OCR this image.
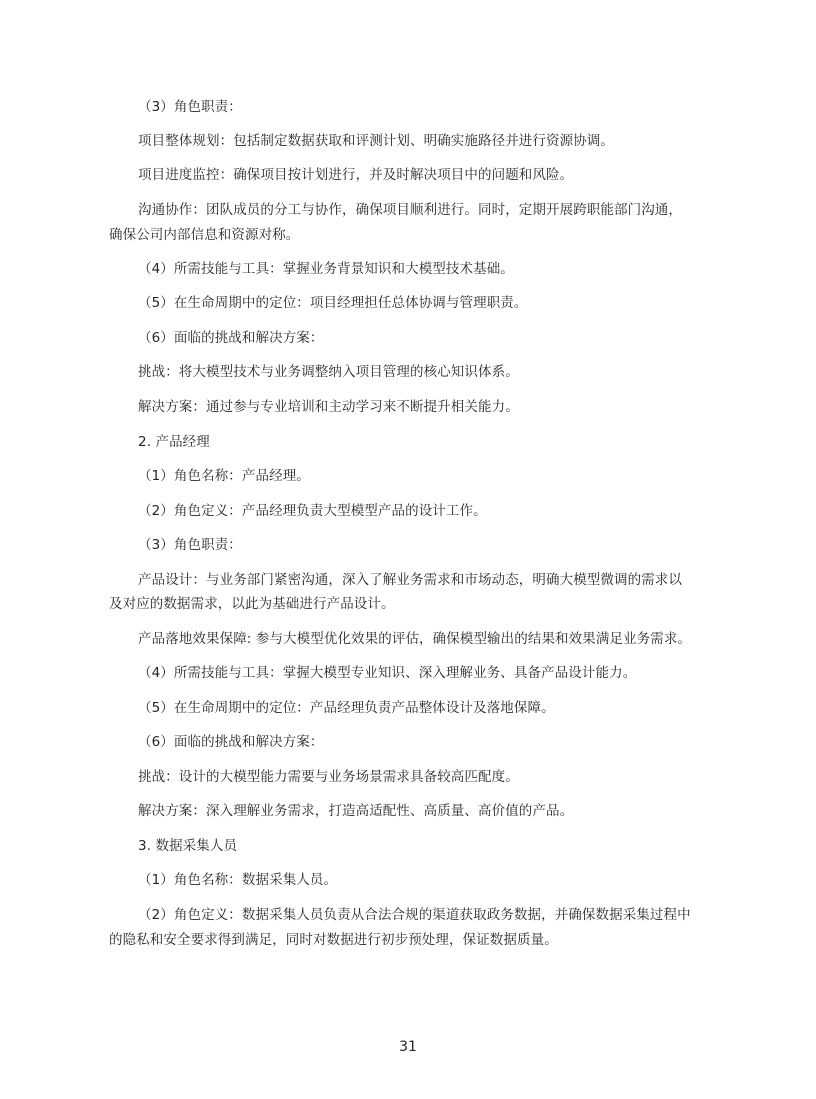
（3）角色职责：
项目整体规划：包括制定数据获取和评测计划、明确实施路径并进行资源协调。
项目进度监控：确保项目按计划进行，并及时解决项目中的问题和风险。
沟通协作：团队成员的分工与协作，确保项目顺利进行。同时，定期开展跨职能部门沟通，
确保公司内部信息和资源对称。
（4）所需技能与工具：掌握业务背景知识和大模型技术基础。
（5）在生命周期中的定位：项目经理担任总体协调与管理职责。
（6）面临的挑战和解决方案：
挑战：将大模型技术与业务调整纳入项目管理的核心知识体系。
解决方案：通过参与专业培训和主动学习来不断提升相关能力。
2. 产品经理
（1）角色名称：产品经理。
（2）角色定义：产品经理负责大型模型产品的设计工作。
（3）角色职责：
产品设计：与业务部门紧密沟通，深入了解业务需求和市场动态，明确大模型微调的需求以
及对应的数据需求，以此为基础进行产品设计。
产品落地效果保障: 参与大模型优化效果的评估，确保模型输出的结果和效果满足业务需求。
（4）所需技能与工具：掌握大模型专业知识、深入理解业务、具备产品设计能力。
（5）在生命周期中的定位：产品经理负责产品整体设计及落地保障。
（6）面临的挑战和解决方案：
挑战：设计的大模型能力需要与业务场景需求具备较高匹配度。
解决方案：深入理解业务需求，打造高适配性、高质量、高价值的产品。
3. 数据采集人员
（1）角色名称：数据采集人员。
（2）角色定义：数据采集人员负责从合法合规的渠道获取政务数据，并确保数据采集过程中
的隐私和安全要求得到满足，同时对数据进行初步预处理，保证数据质量。
31
